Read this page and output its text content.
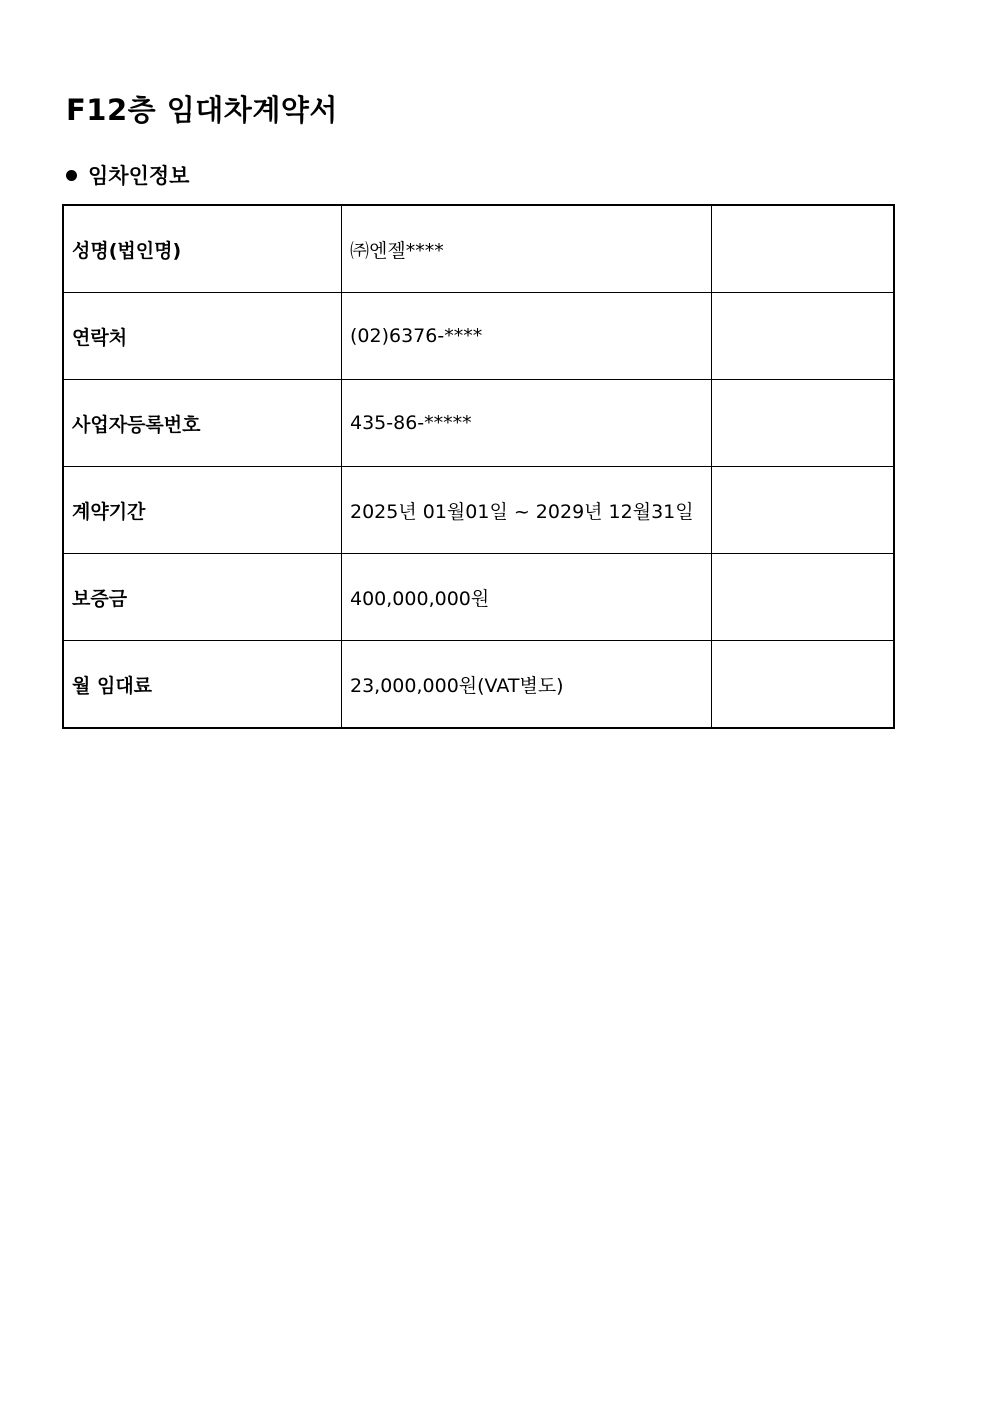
F12층 임대차계약서
임차인정보
성명(법인명)	㈜엔젤****	
연락처	(02)6376-****	
사업자등록번호	435-86-*****	
계약기간	2025년 01월01일 ~ 2029년 12월31일	
보증금	400,000,000원	
월 임대료	23,000,000원(VAT별도)	
